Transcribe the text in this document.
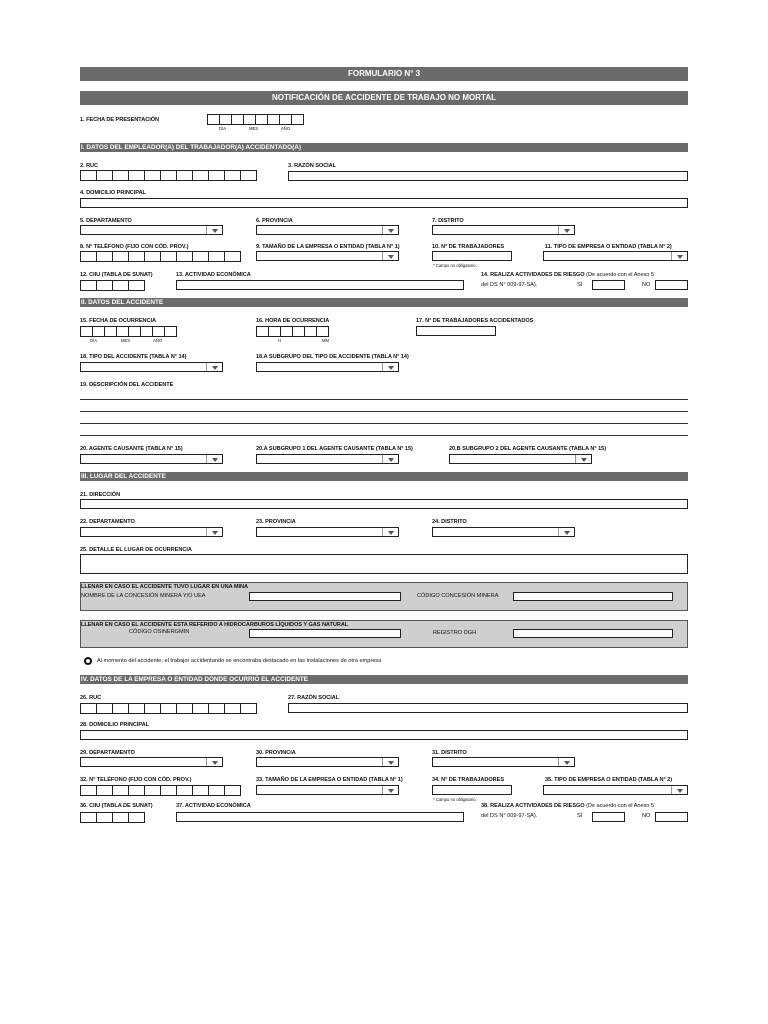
FORMULARIO N° 3
NOTIFICACIÓN DE ACCIDENTE DE TRABAJO NO MORTAL
1. FECHA DE PRESENTACIÓN
DÍA	MES	AÑO
I. DATOS DEL EMPLEADOR(A) DEL TRABAJADOR(A) ACCIDENTADO(A)
2. RUC	3. RAZÓN SOCIAL
4. DOMICILIO PRINCIPAL
5. DEPARTAMENTO	6. PROVINCIA	7. DISTRITO
8. N° TELÉFONO (FIJO CON CÓD. PROV.)	9. TAMAÑO DE LA EMPRESA O ENTIDAD (TABLA N° 1)	10. N° DE TRABAJADORES
* Campo no obligatorio.
11. TIPO DE EMPRESA O ENTIDAD (TABLA N° 2)
12. CIIU (TABLA DE SUNAT)	13. ACTIVIDAD ECONÓMICA	14. REALIZA ACTIVIDADES DE RIESGO (De acuerdo con el Anexo 5
del DS N° 009-97-SA).	SÍ	NO
II. DATOS DEL ACCIDENTE
15. FECHA DE OCURRENCIA
DÍA	MES	AÑO
16. HORA DE OCURRENCIA
H	MM
17. N° DE TRABAJADORES ACCIDENTADOS
18. TIPO DEL ACCIDENTE (TABLA N° 14)	18.A SUBGRUPO DEL TIPO DE ACCIDENTE (TABLA N° 14)
19. DESCRIPCIÓN DEL ACCIDENTE
20. AGENTE CAUSANTE (TABLA N° 15)	20.A SUBGRUPO 1 DEL AGENTE CAUSANTE (TABLA N° 15)	20.B SUBGRUPO 2 DEL AGENTE CAUSANTE (TABLA N° 15)
III. LUGAR DEL ACCIDENTE
21. DIRECCIÓN
22. DEPARTAMENTO	23. PROVINCIA	24. DISTRITO
25. DETALLE EL LUGAR DE OCURRENCIA
LLENAR EN CASO EL ACCIDENTE TUVO LUGAR EN UNA MINA
NOMBRE DE LA CONCESIÓN MINERA Y/O UEA	CÓDIGO CONCESIÓN MINERA
LLENAR EN CASO EL ACCIDENTE ESTA REFERIDO A HIDROCARBUROS LÍQUIDOS Y GAS NATURAL
CÓDIGO OSINERGMIN	REGISTRO DGH
Al momento del accidente, el trabajor accidentando se encontraba destacado en las instalaciones de otra empresa
IV. DATOS DE LA EMPRESA O ENTIDAD DÓNDE OCURRIÓ EL ACCIDENTE
26. RUC	27. RAZÓN SOCIAL
28. DOMICILIO PRINCIPAL
29. DEPARTAMENTO	30. PROVINCIA	31. DISTRITO
32. N° TELÉFONO (FIJO CON CÓD. PROV.)	33. TAMAÑO DE LA EMPRESA O ENTIDAD (TABLA N° 1)	34. N° DE TRABAJADORES
* Campo no obligatorio.
35. TIPO DE EMPRESA O ENTIDAD (TABLA N° 2)
36. CIIU (TABLA DE SUNAT)	37. ACTIVIDAD ECONÓMICA	38. REALIZA ACTIVIDADES DE RIESGO (De acuerdo con el Anexo 5
del DS N° 009-97-SA).	SÍ	NO
